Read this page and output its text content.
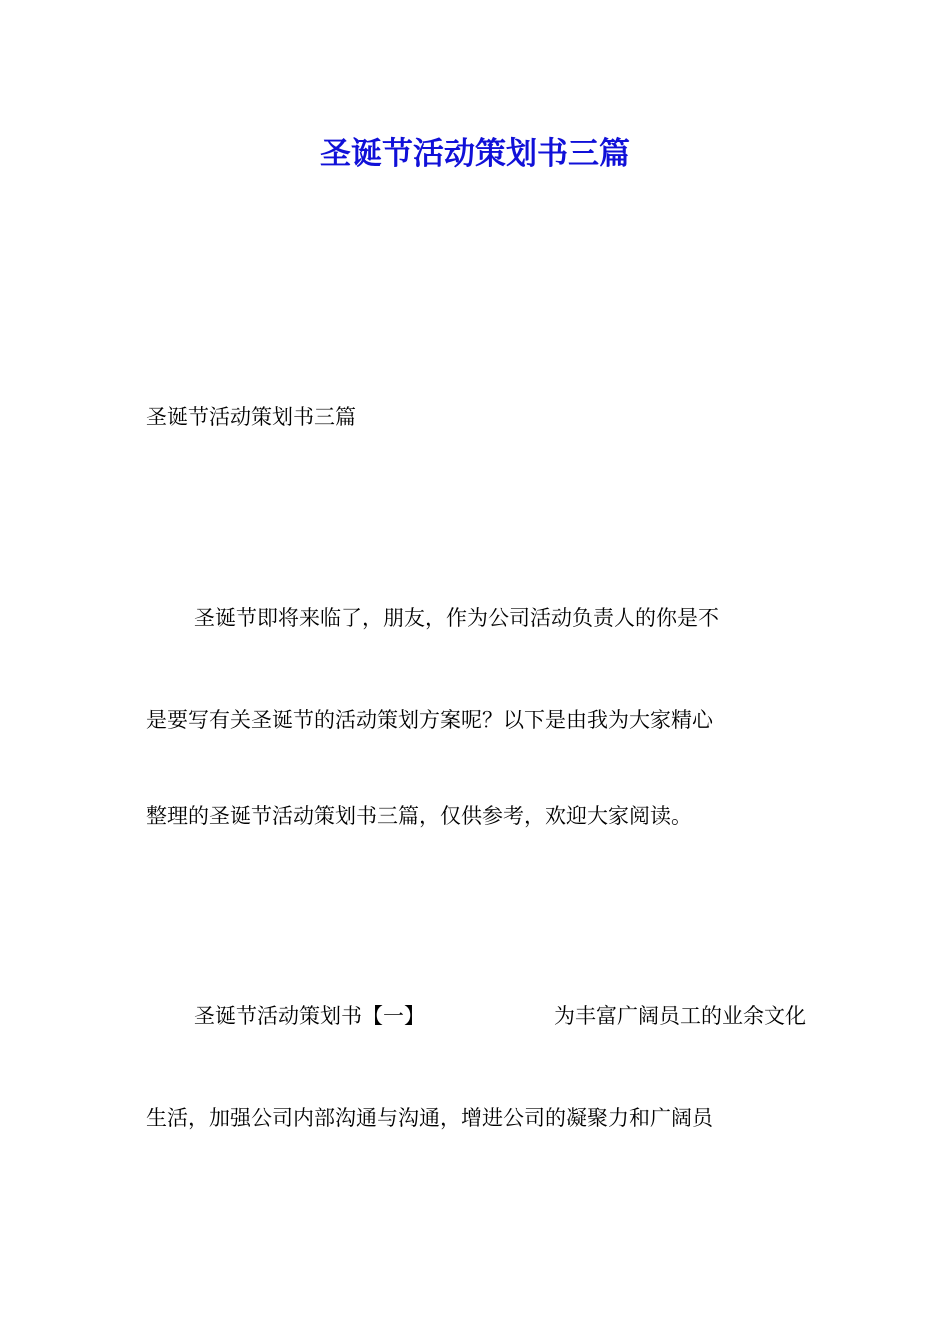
圣诞节活动策划书三篇

圣诞节活动策划书三篇

圣诞节即将来临了，朋友，作为公司活动负责人的你是不

是要写有关圣诞节的活动策划方案呢？以下是由我为大家精心

整理的圣诞节活动策划书三篇，仅供参考，欢迎大家阅读。

圣诞节活动策划书【一】	为丰富广阔员工的业余文化

生活，加强公司内部沟通与沟通，增进公司的凝聚力和广阔员
